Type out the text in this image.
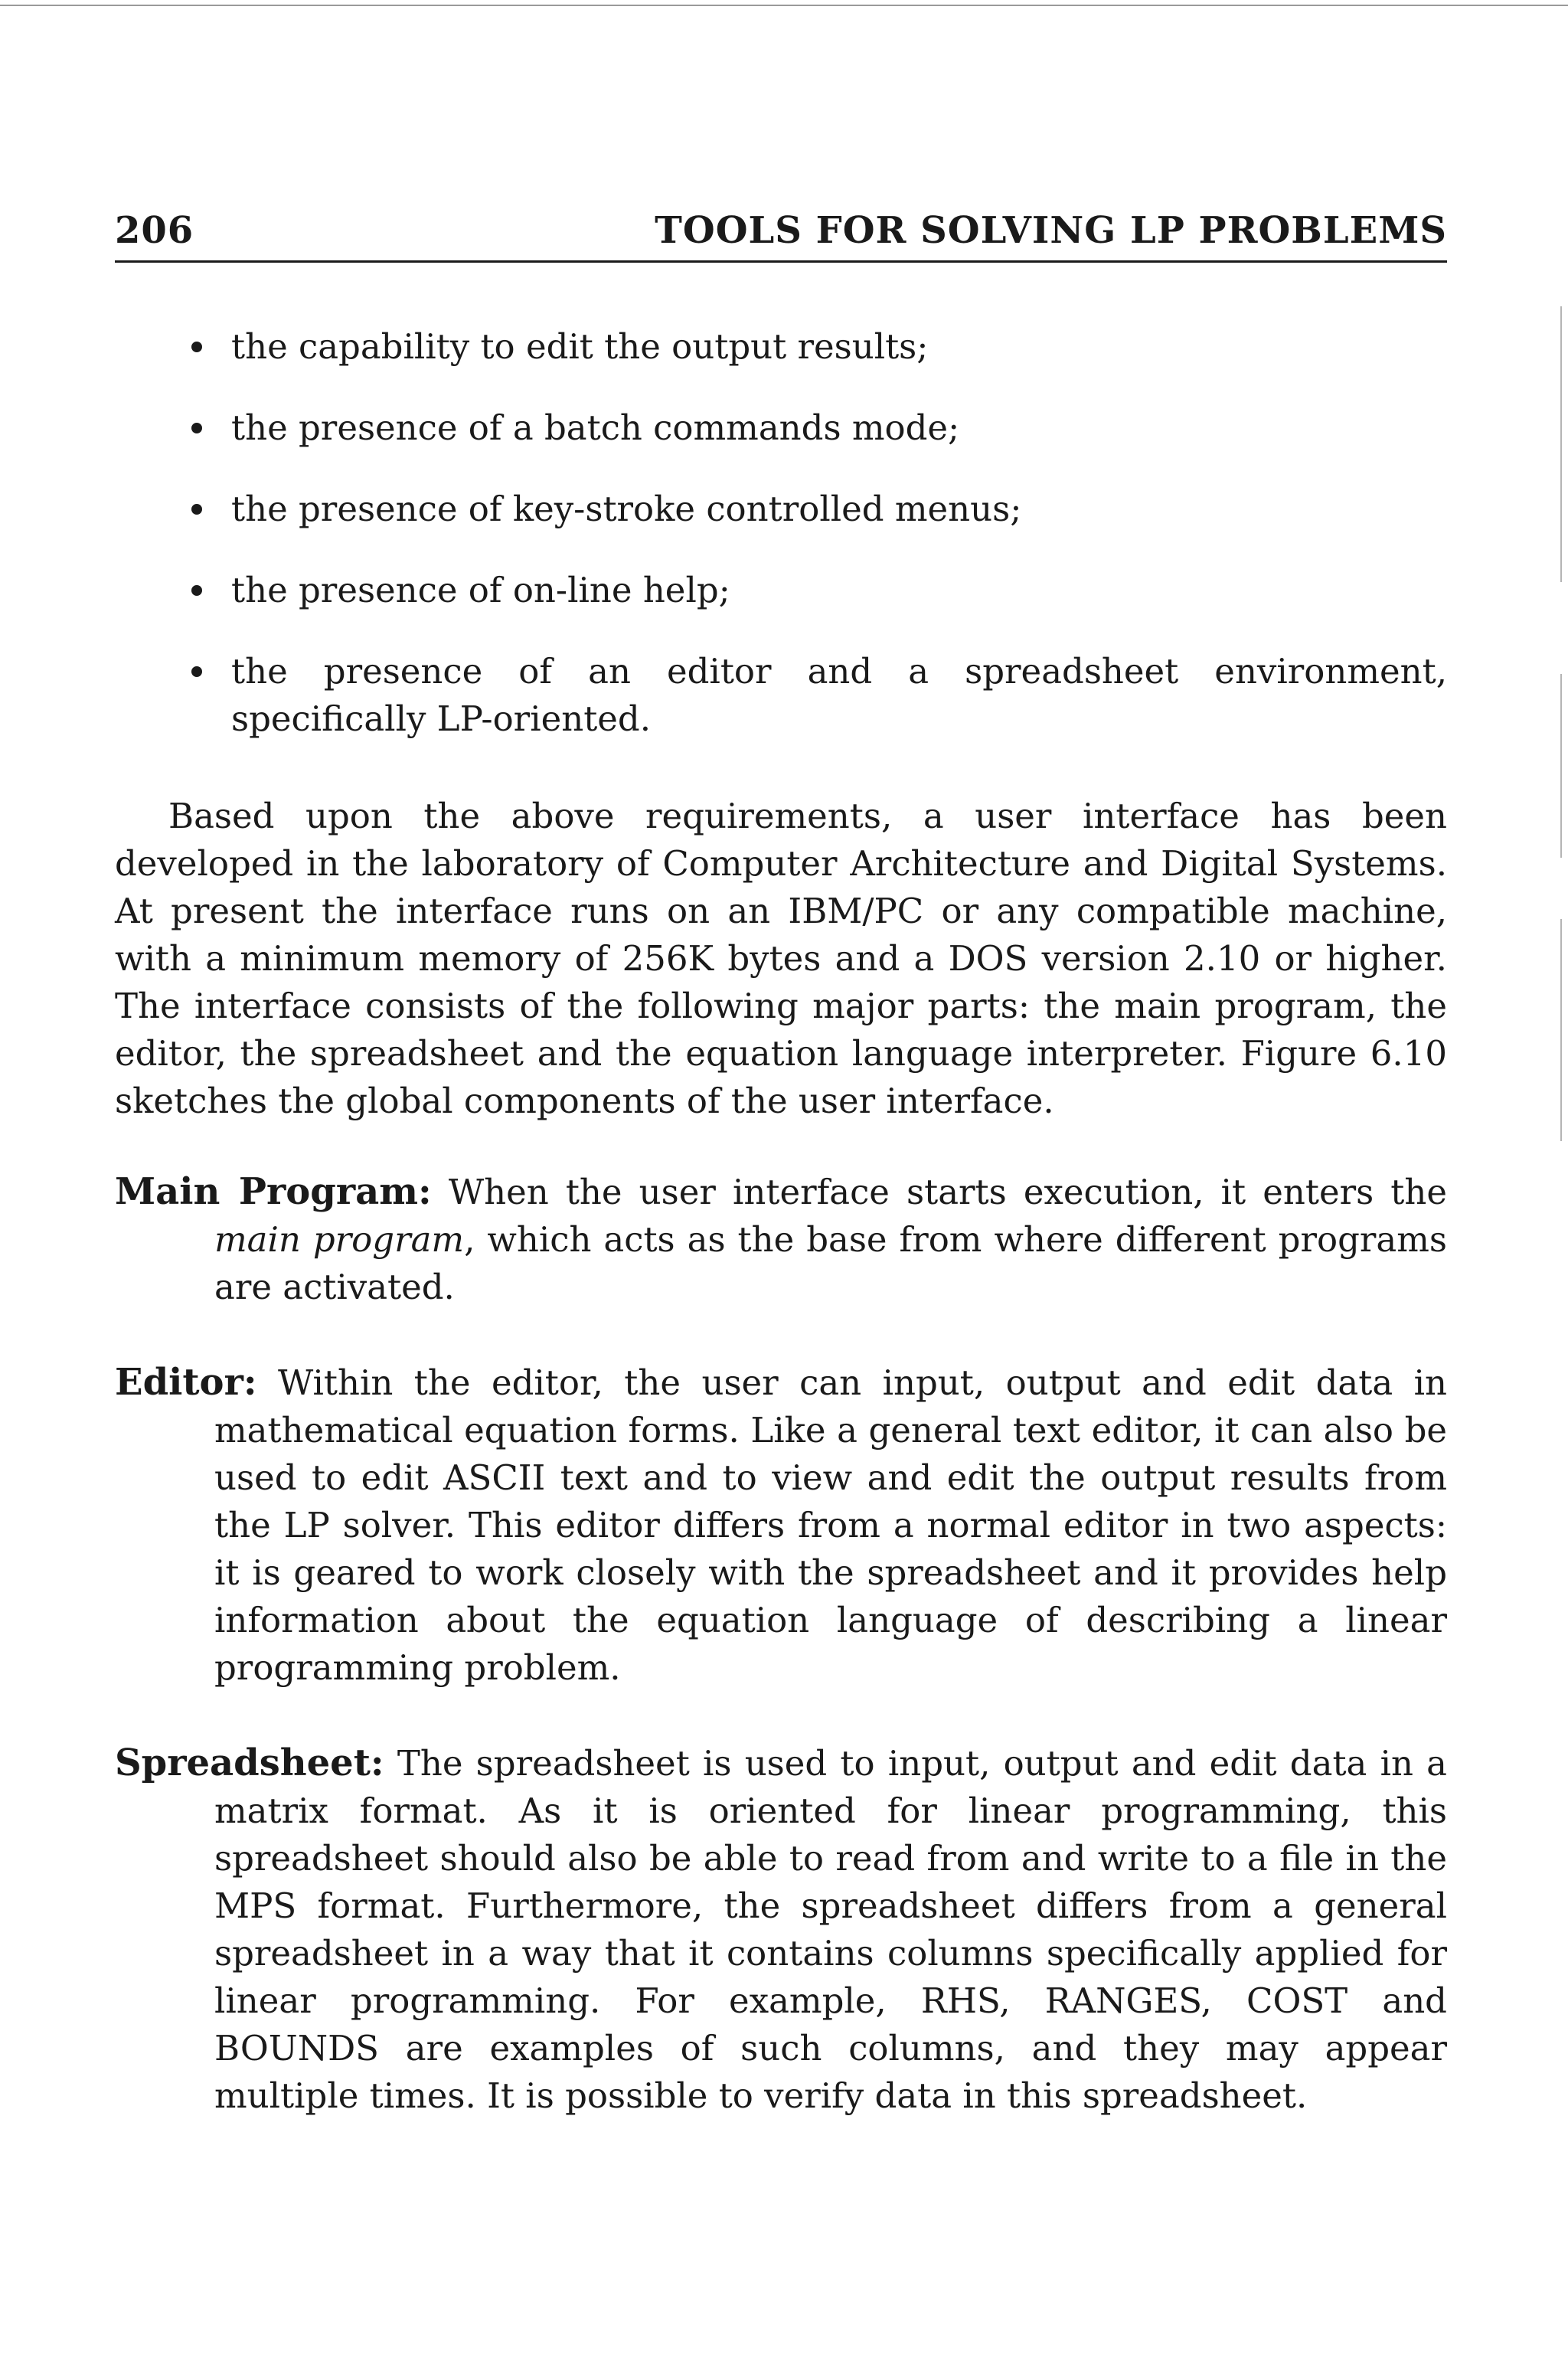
206	TOOLS FOR SOLVING LP PROBLEMS
the capability to edit the output results;
the presence of a batch commands mode;
the presence of key-stroke controlled menus;
the presence of on-line help;
the presence of an editor and a spreadsheet environment, specifically LP-oriented.

Based upon the above requirements, a user interface has been developed in the laboratory of Computer Architecture and Digital Systems. At present the interface runs on an IBM/PC or any compatible machine, with a minimum memory of 256K bytes and a DOS version 2.10 or higher. The interface consists of the following major parts: the main program, the editor, the spreadsheet and the equation language interpreter. Figure 6.10 sketches the global components of the user interface.

Main Program: When the user interface starts execution, it enters the main program, which acts as the base from where different programs are activated.

Editor: Within the editor, the user can input, output and edit data in mathematical equation forms. Like a general text editor, it can also be used to edit ASCII text and to view and edit the output results from the LP solver. This editor differs from a normal editor in two aspects: it is geared to work closely with the spreadsheet and it provides help information about the equation language of describing a linear programming problem.

Spreadsheet: The spreadsheet is used to input, output and edit data in a matrix format. As it is oriented for linear programming, this spreadsheet should also be able to read from and write to a file in the MPS format. Furthermore, the spreadsheet differs from a general spreadsheet in a way that it contains columns specifically applied for linear programming. For example, RHS, RANGES, COST and BOUNDS are examples of such columns, and they may appear multiple times. It is possible to verify data in this spreadsheet.
